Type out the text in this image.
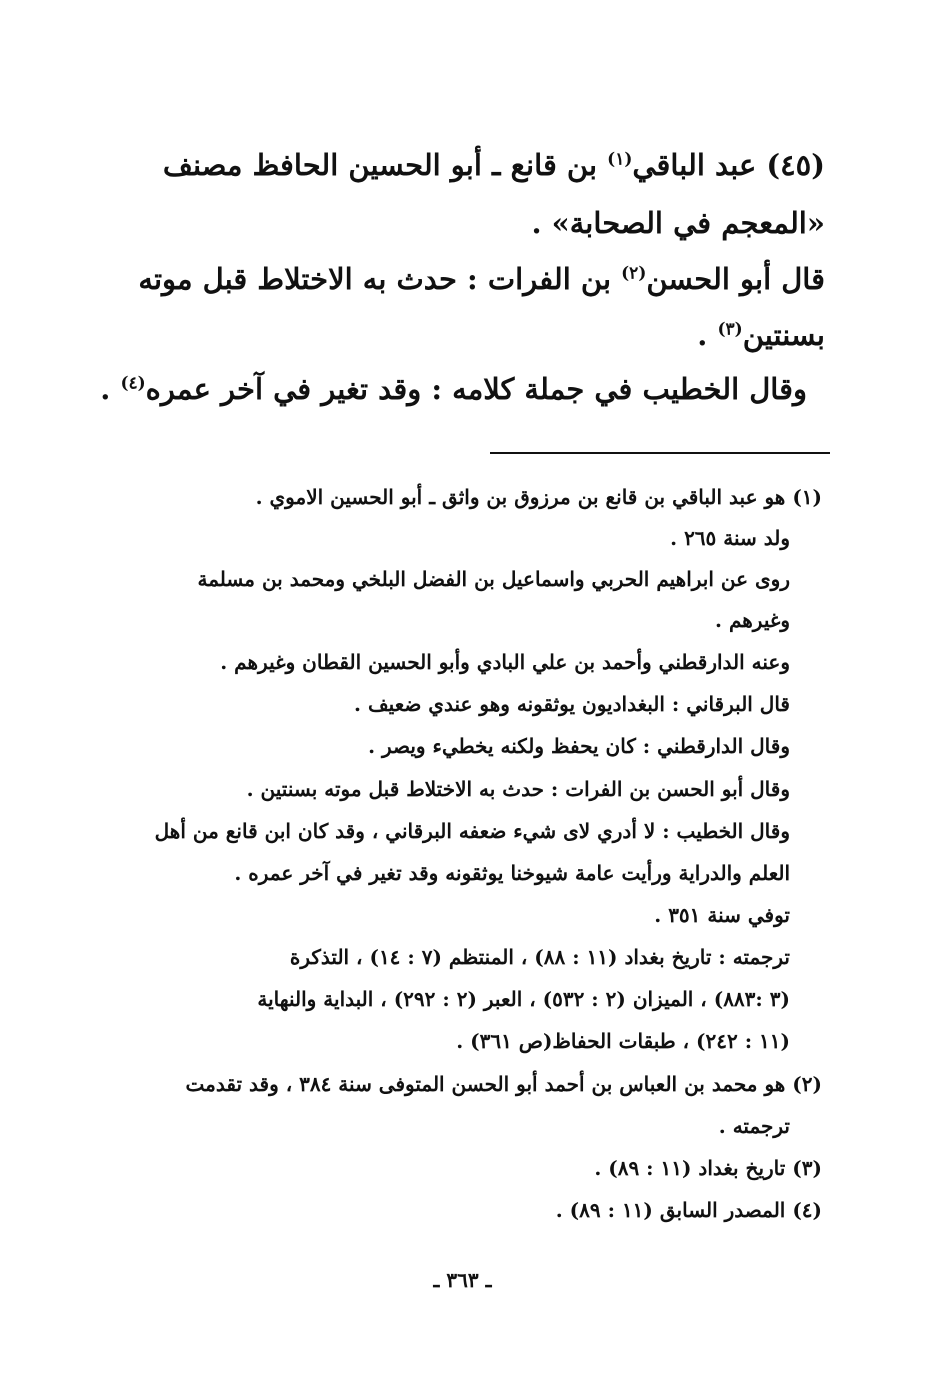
(٤٥) عبد الباقي$^{(١)}$ بن قانع ـ أبو الحسين الحافظ مصنف
«المعجم في الصحابة» .
قال أبو الحسن$^{(٢)}$ بن الفرات : حدث به الاختلاط قبل موته
بسنتين$^{(٣)}$ .
وقال الخطيب في جملة كلامه : وقد تغير في آخر عمره$^{(٤)}$ .
(١) هو عبد الباقي بن قانع بن مرزوق بن واثق ـ أبو الحسين الاموي .
ولد سنة ٢٦٥ .
روى عن ابراهيم الحربي واسماعيل بن الفضل البلخي ومحمد بن مسلمة
وغيرهم .
وعنه الدارقطني وأحمد بن علي البادي وأبو الحسين القطان وغيرهم .
قال البرقاني : البغداديون يوثقونه وهو عندي ضعيف .
وقال الدارقطني : كان يحفظ ولكنه يخطيء ويصر .
وقال أبو الحسن بن الفرات : حدث به الاختلاط قبل موته بسنتين .
وقال الخطيب : لا أدري لاى شيء ضعفه البرقاني ، وقد كان ابن قانع من أهل
العلم والدراية ورأيت عامة شيوخنا يوثقونه وقد تغير في آخر عمره .
توفي سنة ٣٥١ .
ترجمته : تاريخ بغداد (١١ : ٨٨) ، المنتظم (٧ : ١٤) ، التذكرة
(٣ :٨٨٣) ، الميزان (٢ : ٥٣٢) ، العبر (٢ : ٢٩٢) ، البداية والنهاية
(١١ : ٢٤٢) ، طبقات الحفاظ(ص ٣٦١) .
(٢) هو محمد بن العباس بن أحمد أبو الحسن المتوفى سنة ٣٨٤ ، وقد تقدمت
ترجمته .
(٣) تاريخ بغداد (١١ : ٨٩) .
(٤) المصدر السابق (١١ : ٨٩) .
ـ ٣٦٣ ـ
